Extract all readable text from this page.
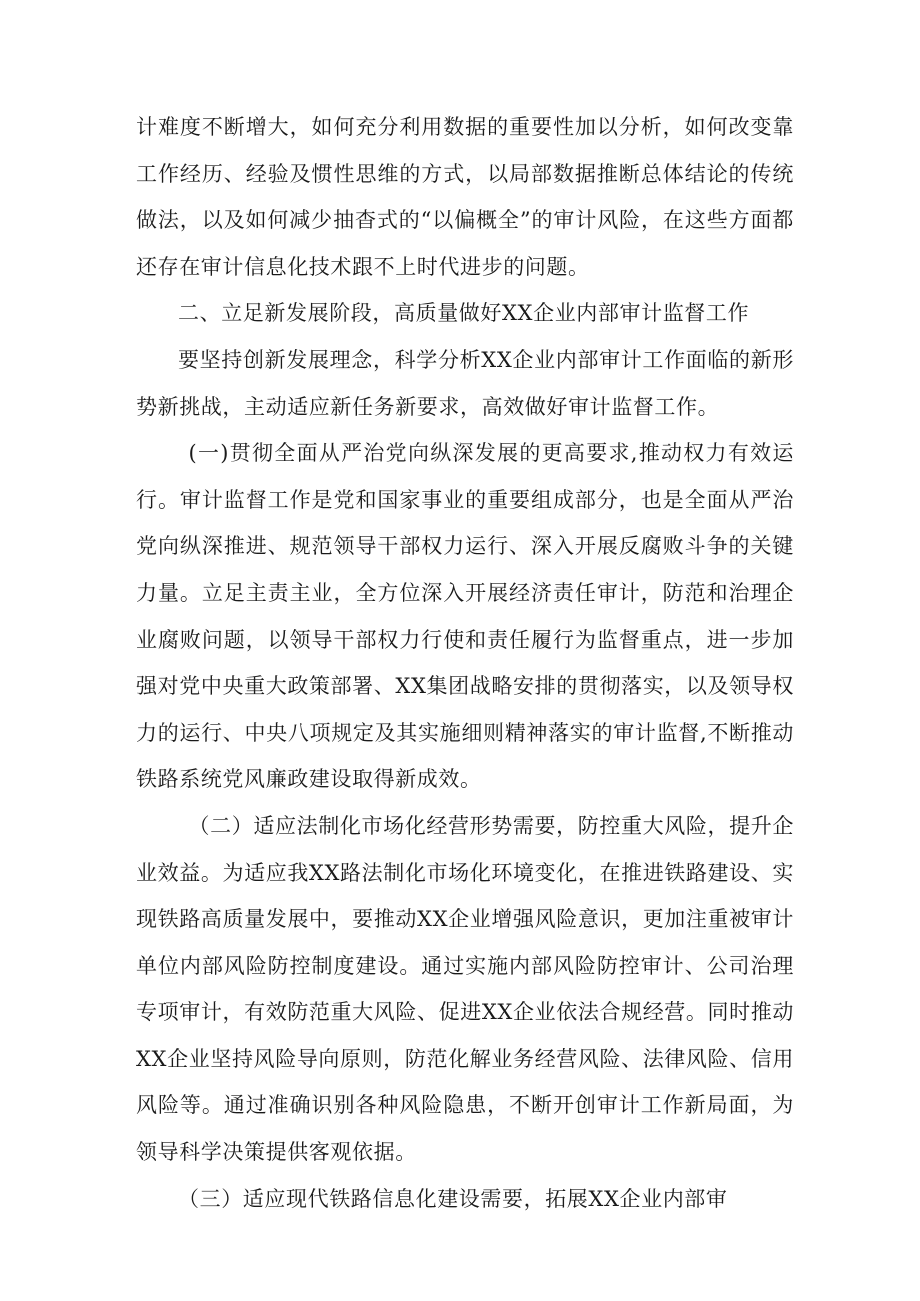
计难度不断增大，如何充分利用数据的重要性加以分析，如何改变靠工作经历、经验及惯性思维的方式，以局部数据推断总体结论的传统做法，以及如何减少抽杳式的“以偏概全”的审计风险，在这些方面都还存在审计信息化技术跟不上时代进步的问题。

二、立足新发展阶段，高质量做好XX企业内部审计监督工作

要坚持创新发展理念，科学分析XX企业内部审计工作面临的新形势新挑战，主动适应新任务新要求，高效做好审计监督工作。

(一)贯彻全面从严治党向纵深发展的更高要求,推动权力有效运行。审计监督工作是党和国家事业的重要组成部分，也是全面从严治党向纵深推进、规范领导干部权力运行、深入开展反腐败斗争的关键力量。立足主责主业，全方位深入开展经济责任审计，防范和治理企业腐败问题，以领导干部权力行使和责任履行为监督重点，进一步加强对党中央重大政策部署、XX集团战略安排的贯彻落实，以及领导权力的运行、中央八项规定及其实施细则精神落实的审计监督,不断推动铁路系统党风廉政建设取得新成效。

（二）适应法制化市场化经营形势需要，防控重大风险，提升企业效益。为适应我XX路法制化市场化环境变化，在推进铁路建设、实现铁路高质量发展中，要推动XX企业增强风险意识，更加注重被审计单位内部风险防控制度建设。通过实施内部风险防控审计、公司治理专项审计，有效防范重大风险、促进XX企业依法合规经营。同时推动XX企业坚持风险导向原则，防范化解业务经营风险、法律风险、信用风险等。通过准确识别各种风险隐患，不断开创审计工作新局面，为领导科学决策提供客观依据。

（三）适应现代铁路信息化建设需要，拓展XX企业内部审
